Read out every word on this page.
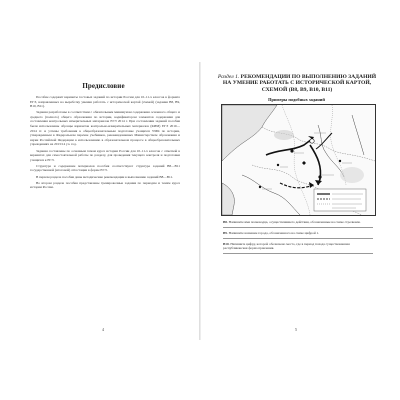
Предисловие

Пособие содержит варианты тестовых заданий по истории России для 10–11-х классов в формате ЕГЭ, направленных на выработку умения работать с исторической картой (схемой) (задания В8, В9, В10, В11).

Задания разработаны в соответствии с обязательным минимумом содержания основного общего и среднего (полного) общего образования по истории, кодификатором элементов содержания для составления контрольных измерительных материалов ЕГЭ 2014 г. При составлении заданий пособия были использованы образцы вариантов контрольно-измерительных материалов (КИМ) ЕГЭ 2010—2014 гг. и учтены требования к общеобразовательным подготовке учащихся УМК по истории, утвержденным в Федеральном перечне учебников, рекомендованных Министерством образования и науки Российской Федерации к использованию в образовательном процессе в общеобразовательных учреждениях на 2013/14 уч. год.

Задания составлены по основным темам курса истории России для 10–11-х классов с отметкой в вариантах для самостоятельной работы по разделу, для проведения текущего контроля и подготовки учащихся к ЕГЭ.

Структура и содержание материалов пособия соответствуют структуре заданий В8—В11 государственной (итоговой) аттестации в форме ЕГЭ.

В первом разделе пособия даны методические рекомендации к выполнению заданий В8—В11.

Во втором разделе пособия представлены тренировочные задания по периодам и темам курса истории России.

4
Раздел 1. РЕКОМЕНДАЦИИ ПО ВЫПОЛНЕНИЮ ЗАДАНИЙ НА УМЕНИЕ РАБОТАТЬ С ИСТОРИЧЕСКОЙ КАРТОЙ, СХЕМОЙ (В8, В9, В10, В11)
Примеры подобных заданий
B8. Напишите имя полководца, осуществлявшего действия, обозначенные на схеме стрелками.
B9. Напишите название города, обозначенного на схеме цифрой 1.
B10. Напишите цифру, которой обозначено место, где в период похода существовавшая республиканская форма правления.
5
